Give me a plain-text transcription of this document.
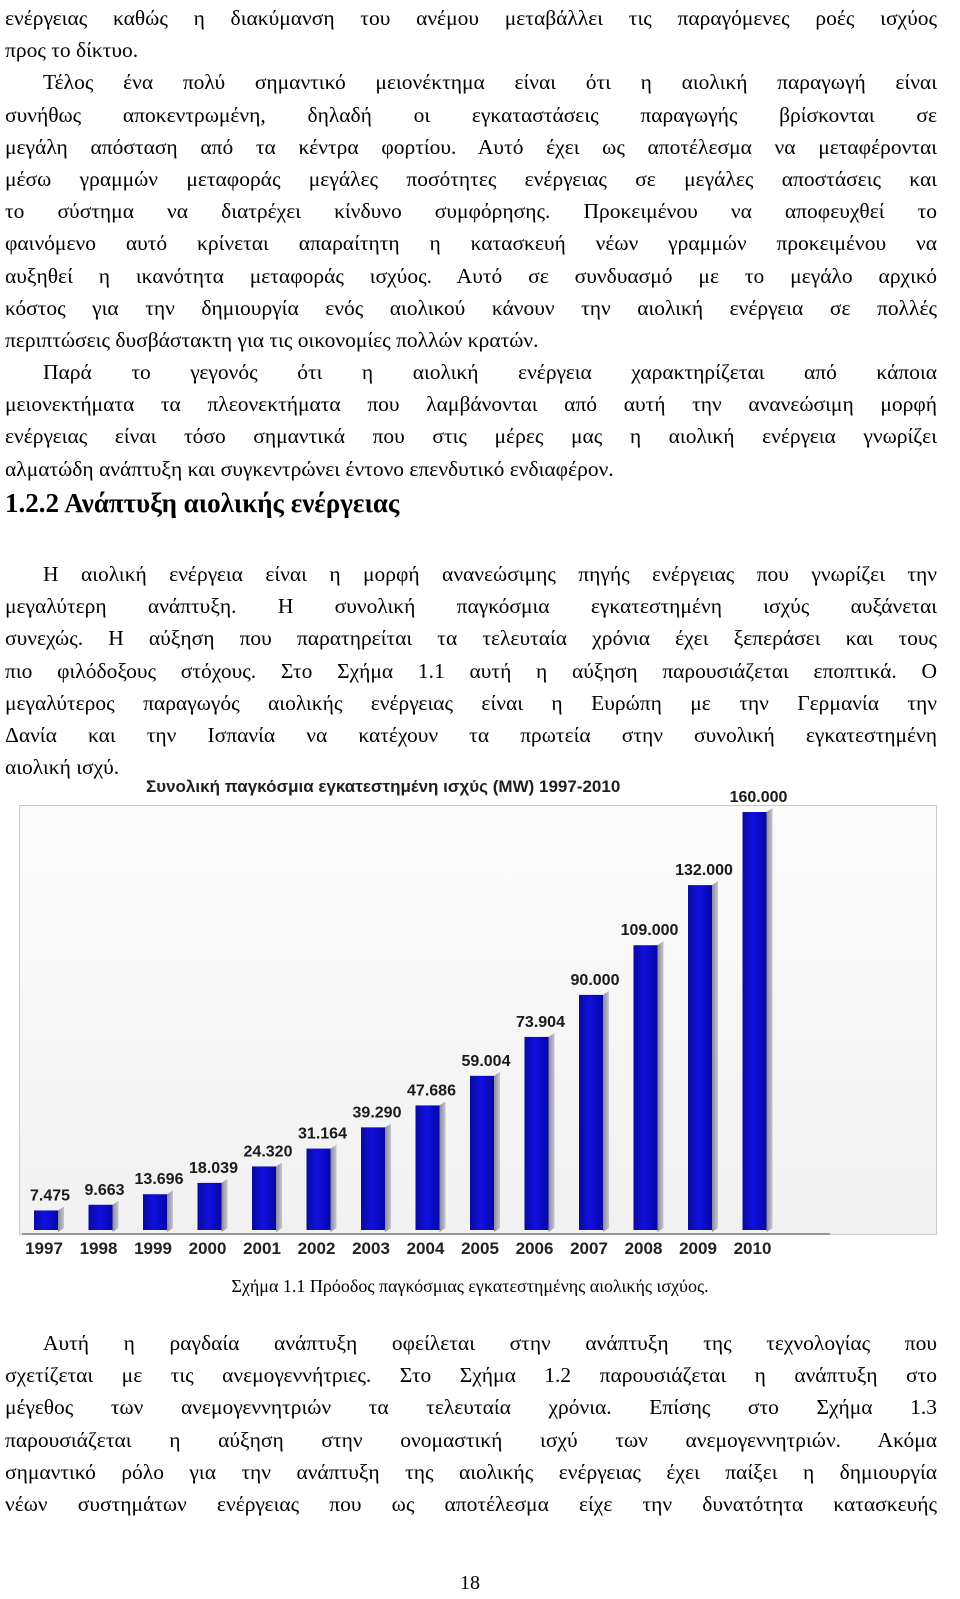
ενέργειας καθώς η διακύμανση του ανέμου μεταβάλλει τις παραγόμενες ροές ισχύος
προς το δίκτυο.
Τέλος ένα πολύ σημαντικό μειονέκτημα είναι ότι η αιολική παραγωγή είναι
συνήθως αποκεντρωμένη, δηλαδή οι εγκαταστάσεις παραγωγής βρίσκονται σε
μεγάλη απόσταση από τα κέντρα φορτίου. Αυτό έχει ως αποτέλεσμα να μεταφέρονται
μέσω γραμμών μεταφοράς μεγάλες ποσότητες ενέργειας σε μεγάλες αποστάσεις και
το σύστημα να διατρέχει κίνδυνο συμφόρησης. Προκειμένου να αποφευχθεί το
φαινόμενο αυτό κρίνεται απαραίτητη η κατασκευή νέων γραμμών προκειμένου να
αυξηθεί η ικανότητα μεταφοράς ισχύος. Αυτό σε συνδυασμό με το μεγάλο αρχικό
κόστος για την δημιουργία ενός αιολικού κάνουν την αιολική ενέργεια σε πολλές
περιπτώσεις δυσβάστακτη για τις οικονομίες πολλών κρατών.
Παρά το γεγονός ότι η αιολική ενέργεια χαρακτηρίζεται από κάποια
μειονεκτήματα τα πλεονεκτήματα που λαμβάνονται από αυτή την ανανεώσιμη μορφή
ενέργειας είναι τόσο σημαντικά που στις μέρες μας η αιολική ενέργεια γνωρίζει
αλματώδη ανάπτυξη και συγκεντρώνει έντονο επενδυτικό ενδιαφέρον.
1.2.2 Ανάπτυξη αιολικής ενέργειας
Η αιολική ενέργεια είναι η μορφή ανανεώσιμης πηγής ενέργειας που γνωρίζει την
μεγαλύτερη ανάπτυξη. Η συνολική παγκόσμια εγκατεστημένη ισχύς αυξάνεται
συνεχώς. Η αύξηση που παρατηρείται τα τελευταία χρόνια έχει ξεπεράσει και τους
πιο φιλόδοξους στόχους. Στο Σχήμα 1.1 αυτή η αύξηση παρουσιάζεται εποπτικά. Ο
μεγαλύτερος παραγωγός αιολικής ενέργειας είναι η Ευρώπη με την Γερμανία την
Δανία και την Ισπανία να κατέχουν τα πρωτεία στην συνολική εγκατεστημένη
αιολική ισχύ.
Συνολική παγκόσμια εγκατεστημένη ισχύς (MW) 1997-2010
7.475
1997
9.663
1998
13.696
1999
18.039
2000
24.320
2001
31.164
2002
39.290
2003
47.686
2004
59.004
2005
73.904
2006
90.000
2007
109.000
2008
132.000
2009
160.000
2010
Σχήμα 1.1 Πρόοδος παγκόσμιας εγκατεστημένης αιολικής ισχύος.
Αυτή η ραγδαία ανάπτυξη οφείλεται στην ανάπτυξη της τεχνολογίας που
σχετίζεται με τις ανεμογεννήτριες. Στο Σχήμα 1.2 παρουσιάζεται η ανάπτυξη στο
μέγεθος των ανεμογεννητριών τα τελευταία χρόνια. Επίσης στο Σχήμα 1.3
παρουσιάζεται η αύξηση στην ονομαστική ισχύ των ανεμογεννητριών. Ακόμα
σημαντικό ρόλο για την ανάπτυξη της αιολικής ενέργειας έχει παίξει η δημιουργία
νέων συστημάτων ενέργειας που ως αποτέλεσμα είχε την δυνατότητα κατασκευής
18
